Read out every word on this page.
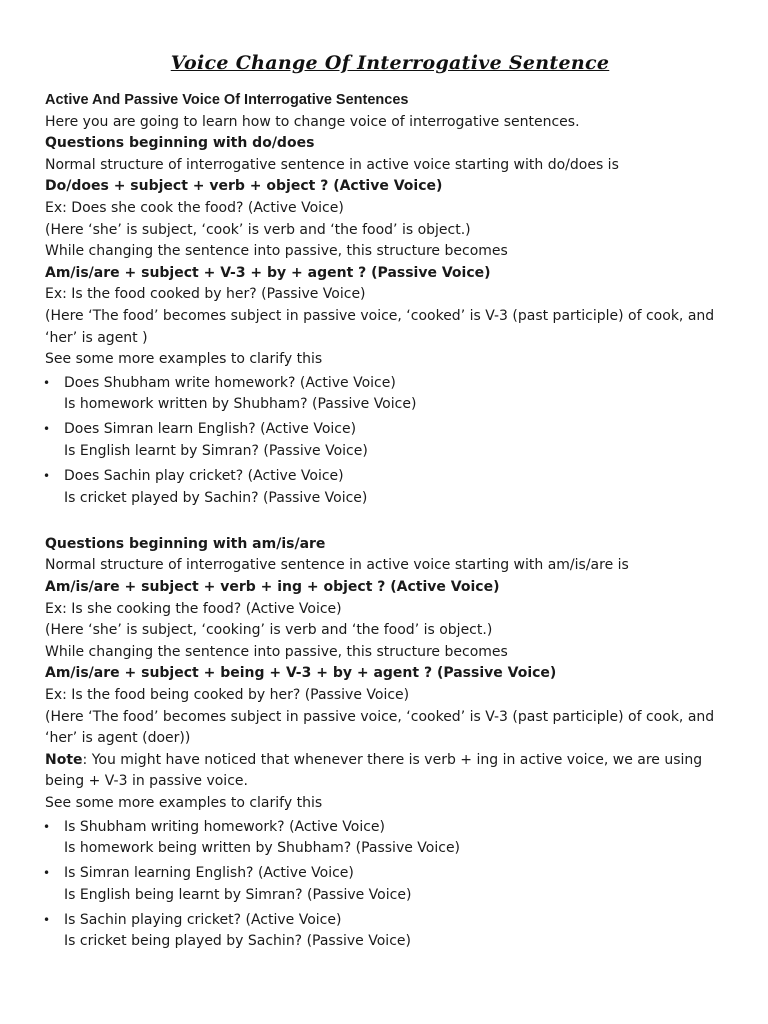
Voice Change Of Interrogative Sentence
Active And Passive Voice Of Interrogative Sentences
Here you are going to learn how to change voice of interrogative sentences.
Questions beginning with do/does
Normal structure of interrogative sentence in active voice starting with do/does is
Do/does + subject + verb + object ? (Active Voice)
Ex: Does she cook the food? (Active Voice)
(Here ‘she’ is subject, ‘cook’ is verb and ‘the food’ is object.)
While changing the sentence into passive, this structure becomes
Am/is/are + subject + V-3 + by + agent ? (Passive Voice)
Ex: Is the food cooked by her? (Passive Voice)
(Here ‘The food’ becomes subject in passive voice, ‘cooked’ is V-3 (past participle) of cook, and ‘her’ is agent )
See some more examples to clarify this
• Does Shubham write homework? (Active Voice)
Is homework written by Shubham? (Passive Voice)
• Does Simran learn English? (Active Voice)
Is English learnt by Simran? (Passive Voice)
• Does Sachin play cricket? (Active Voice)
Is cricket played by Sachin? (Passive Voice)
Questions beginning with am/is/are
Normal structure of interrogative sentence in active voice starting with am/is/are is
Am/is/are + subject + verb + ing + object ? (Active Voice)
Ex: Is she cooking the food? (Active Voice)
(Here ‘she’ is subject, ‘cooking’ is verb and ‘the food’ is object.)
While changing the sentence into passive, this structure becomes
Am/is/are + subject + being + V-3 + by + agent ? (Passive Voice)
Ex: Is the food being cooked by her? (Passive Voice)
(Here ‘The food’ becomes subject in passive voice, ‘cooked’ is V-3 (past participle) of cook, and ‘her’ is agent (doer))
Note: You might have noticed that whenever there is verb + ing in active voice, we are using being + V-3 in passive voice.
See some more examples to clarify this
• Is Shubham writing homework? (Active Voice)
Is homework being written by Shubham? (Passive Voice)
• Is Simran learning English? (Active Voice)
Is English being learnt by Simran? (Passive Voice)
• Is Sachin playing cricket? (Active Voice)
Is cricket being played by Sachin? (Passive Voice)
